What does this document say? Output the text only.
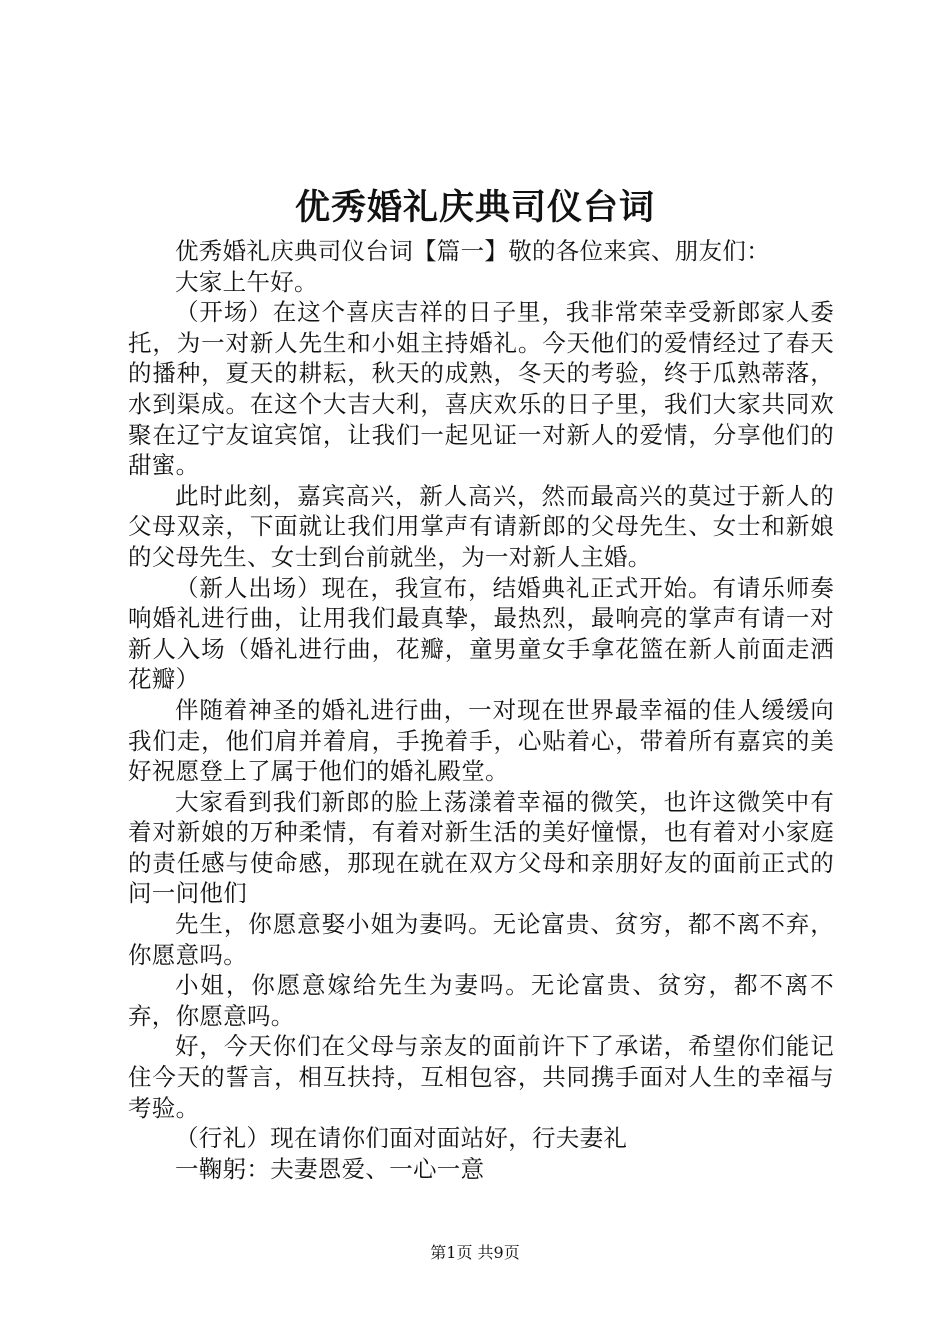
优秀婚礼庆典司仪台词

优秀婚礼庆典司仪台词【篇一】敬的各位来宾、朋友们：

大家上午好。

（开场）在这个喜庆吉祥的日子里，我非常荣幸受新郎家人委托，为一对新人先生和小姐主持婚礼。今天他们的爱情经过了春天的播种，夏天的耕耘，秋天的成熟，冬天的考验，终于瓜熟蒂落，水到渠成。在这个大吉大利，喜庆欢乐的日子里，我们大家共同欢聚在辽宁友谊宾馆，让我们一起见证一对新人的爱情，分享他们的甜蜜。

此时此刻，嘉宾高兴，新人高兴，然而最高兴的莫过于新人的父母双亲，下面就让我们用掌声有请新郎的父母先生、女士和新娘的父母先生、女士到台前就坐，为一对新人主婚。

（新人出场）现在，我宣布，结婚典礼正式开始。有请乐师奏响婚礼进行曲，让用我们最真挚，最热烈，最响亮的掌声有请一对新人入场（婚礼进行曲，花瓣，童男童女手拿花篮在新人前面走洒花瓣）

伴随着神圣的婚礼进行曲，一对现在世界最幸福的佳人缓缓向我们走，他们肩并着肩，手挽着手，心贴着心，带着所有嘉宾的美好祝愿登上了属于他们的婚礼殿堂。

大家看到我们新郎的脸上荡漾着幸福的微笑，也许这微笑中有着对新娘的万种柔情，有着对新生活的美好憧憬，也有着对小家庭的责任感与使命感，那现在就在双方父母和亲朋好友的面前正式的问一问他们

先生，你愿意娶小姐为妻吗。无论富贵、贫穷，都不离不弃，你愿意吗。

小姐，你愿意嫁给先生为妻吗。无论富贵、贫穷，都不离不弃，你愿意吗。

好，今天你们在父母与亲友的面前许下了承诺，希望你们能记住今天的誓言，相互扶持，互相包容，共同携手面对人生的幸福与考验。

（行礼）现在请你们面对面站好，行夫妻礼

一鞠躬：夫妻恩爱、一心一意

第1页 共9页
